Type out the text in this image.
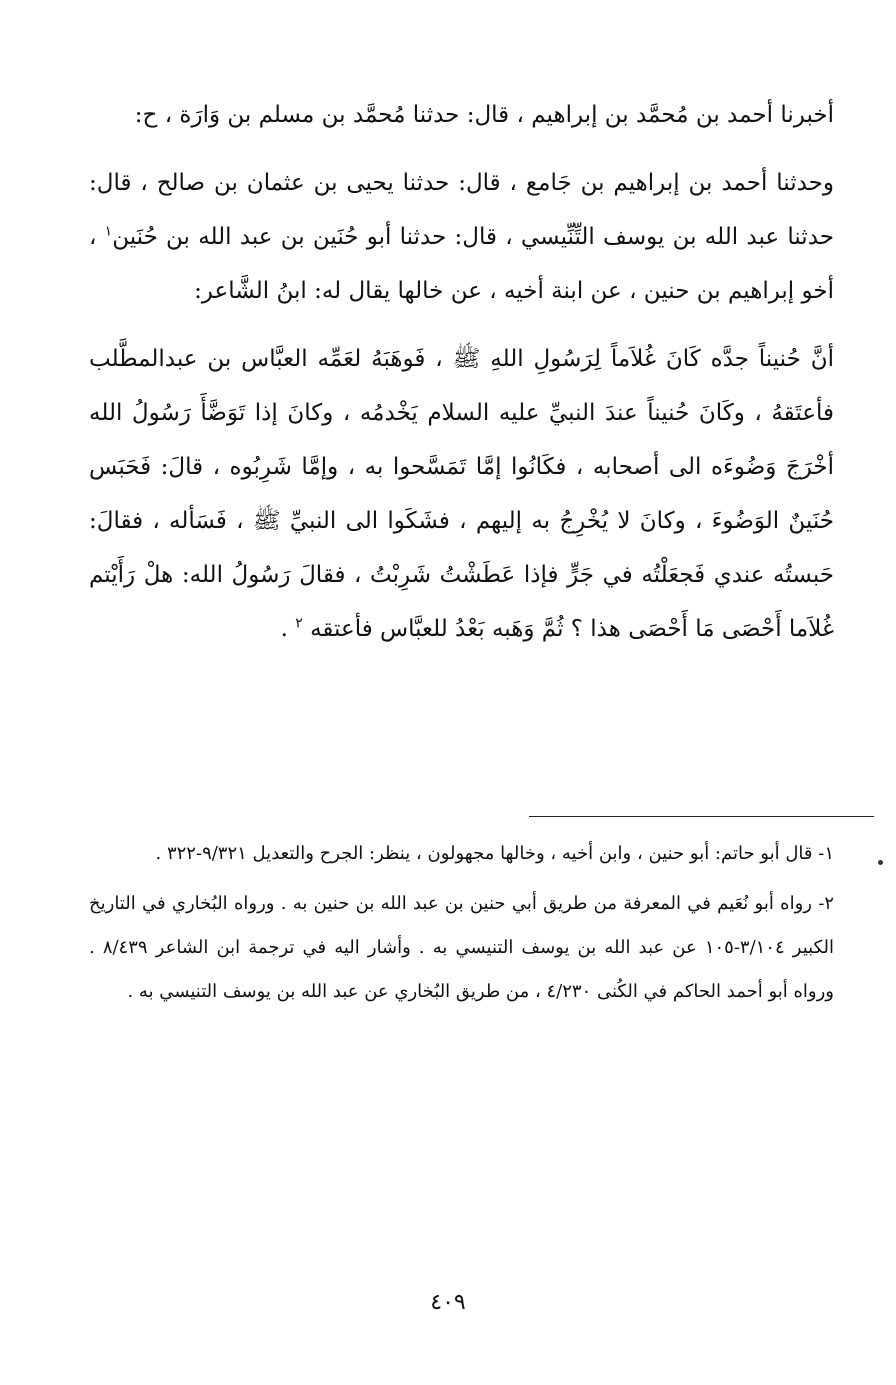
أخبرنا أحمد بن مُحمَّد بن إبراهيم ، قال: حدثنا مُحمَّد بن مسلم بن وَارَة ، ح:

وحدثنا أحمد بن إبراهيم بن جَامع ، قال: حدثنا يحيى بن عثمان بن صالح ، قال: حدثنا عبد الله بن يوسف التِّنِّيسي ، قال: حدثنا أبو حُنَين بن عبد الله بن حُنَين$^١$ ، أخو إبراهيم بن حنين ، عن ابنة أخيه ، عن خالها يقال له: ابنُ الشَّاعر:

أنَّ حُنيناً جدَّه كَانَ غُلاَماً لِرَسُولِ اللهِ ﷺ ، فَوهَبَهُ لعَمِّه العبَّاس بن عبدالمطَّلب فأعتَقهُ ، وكَانَ حُنيناً عندَ النبيِّ عليه السلام يَخْدمُه ، وكانَ إذا تَوَضَّأَ رَسُولُ الله أخْرَجَ وَضُوءَه الى أصحابه ، فكَانُوا إمَّا تَمَسَّحوا به ، وإمَّا شَرِبُوه ، قالَ: فَحَبَس حُنَينٌ الوَضُوءَ ، وكانَ لا يُخْرِجُ به إليهم ، فشَكَوا الى النبيِّ ﷺ ، فَسَأله ، فقالَ: حَبستُه عندي فَجعَلْتُه في جَرٍّ فإذا عَطَشْتُ شَرِبْتُ ، فقالَ رَسُولُ الله: هلْ رَأَيْتم غُلاَما أَحْصَى مَا أَحْصَى هذا ؟ ثُمَّ وَهَبه بَعْدُ للعبَّاس فأعتقه $^٢$ .

١- قال أبو حاتم: أبو حنين ، وابن أخيه ، وخالها مجهولون ، ينظر: الجرح والتعديل ٩/٣٢١-٣٢٢ .

٢- رواه أبو نُعَيم في المعرفة من طريق أبي حنين بن عبد الله بن حنين به . ورواه البُخاري في التاريخ الكبير ٣/١٠٤-١٠٥ عن عبد الله بن يوسف التنيسي به . وأشار اليه في ترجمة ابن الشاعر ٨/٤٣٩ . ورواه أبو أحمد الحاكم في الكُنى ٤/٢٣٠ ، من طريق البُخاري عن عبد الله بن يوسف التنيسي به .

٤٠٩
